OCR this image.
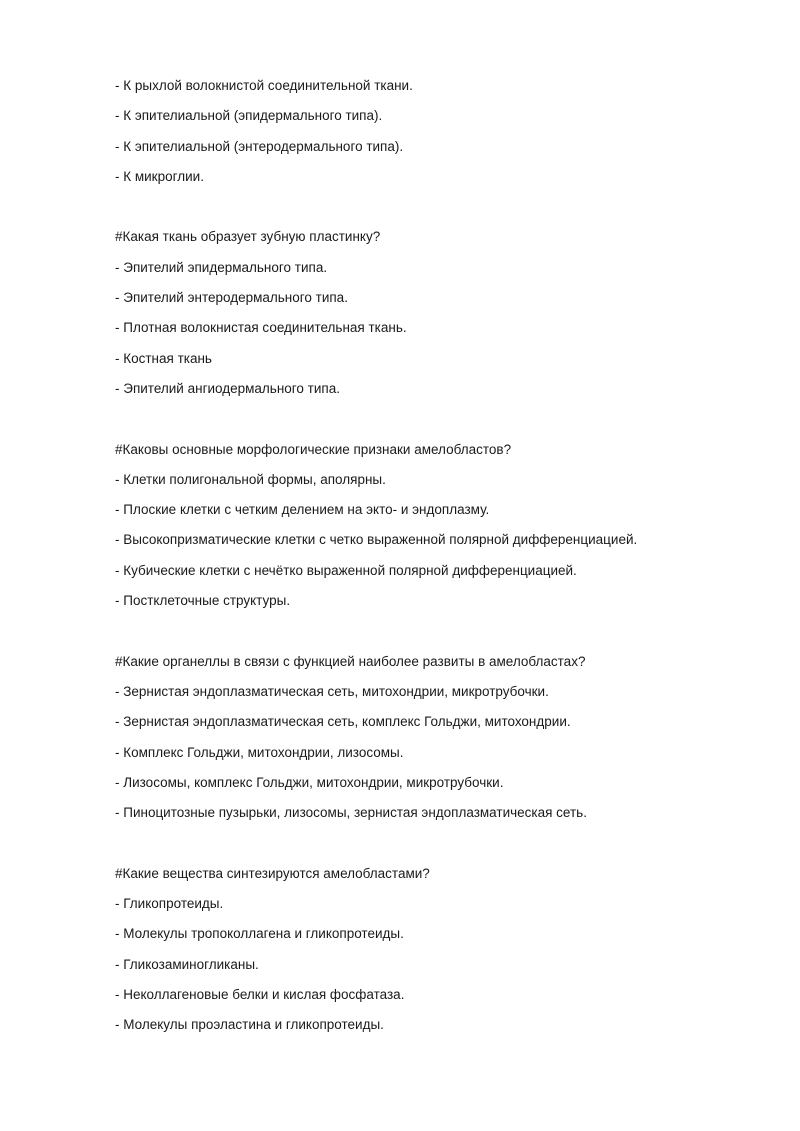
- К рыхлой волокнистой соединительной ткани.
- К эпителиальной (эпидермального типа).
- К эпителиальной (энтеродермального типа).
- К микроглии.
#Какая ткань образует зубную пластинку?
- Эпителий эпидермального типа.
- Эпителий энтеродермального типа.
- Плотная волокнистая соединительная ткань.
- Костная ткань
- Эпителий ангиодермального типа.
#Каковы основные морфологические признаки амелобластов?
- Клетки полигональной формы, аполярны.
- Плоские клетки с четким делением на экто- и эндоплазму.
- Высокопризматические клетки с четко выраженной полярной дифференциацией.
- Кубические клетки с нечётко выраженной полярной дифференциацией.
- Постклеточные структуры.
#Какие органеллы в связи с функцией наиболее развиты в амелобластах?
- Зернистая эндоплазматическая сеть, митохондрии, микротрубочки.
- Зернистая эндоплазматическая сеть, комплекс Гольджи, митохондрии.
- Комплекс Гольджи, митохондрии, лизосомы.
- Лизосомы, комплекс Гольджи, митохондрии, микротрубочки.
- Пиноцитозные пузырьки, лизосомы, зернистая эндоплазматическая сеть.
#Какие вещества синтезируются амелобластами?
- Гликопротеиды.
- Молекулы тропоколлагена и гликопротеиды.
- Гликозаминогликаны.
- Неколлагеновые белки и кислая фосфатаза.
- Молекулы проэластина и гликопротеиды.
